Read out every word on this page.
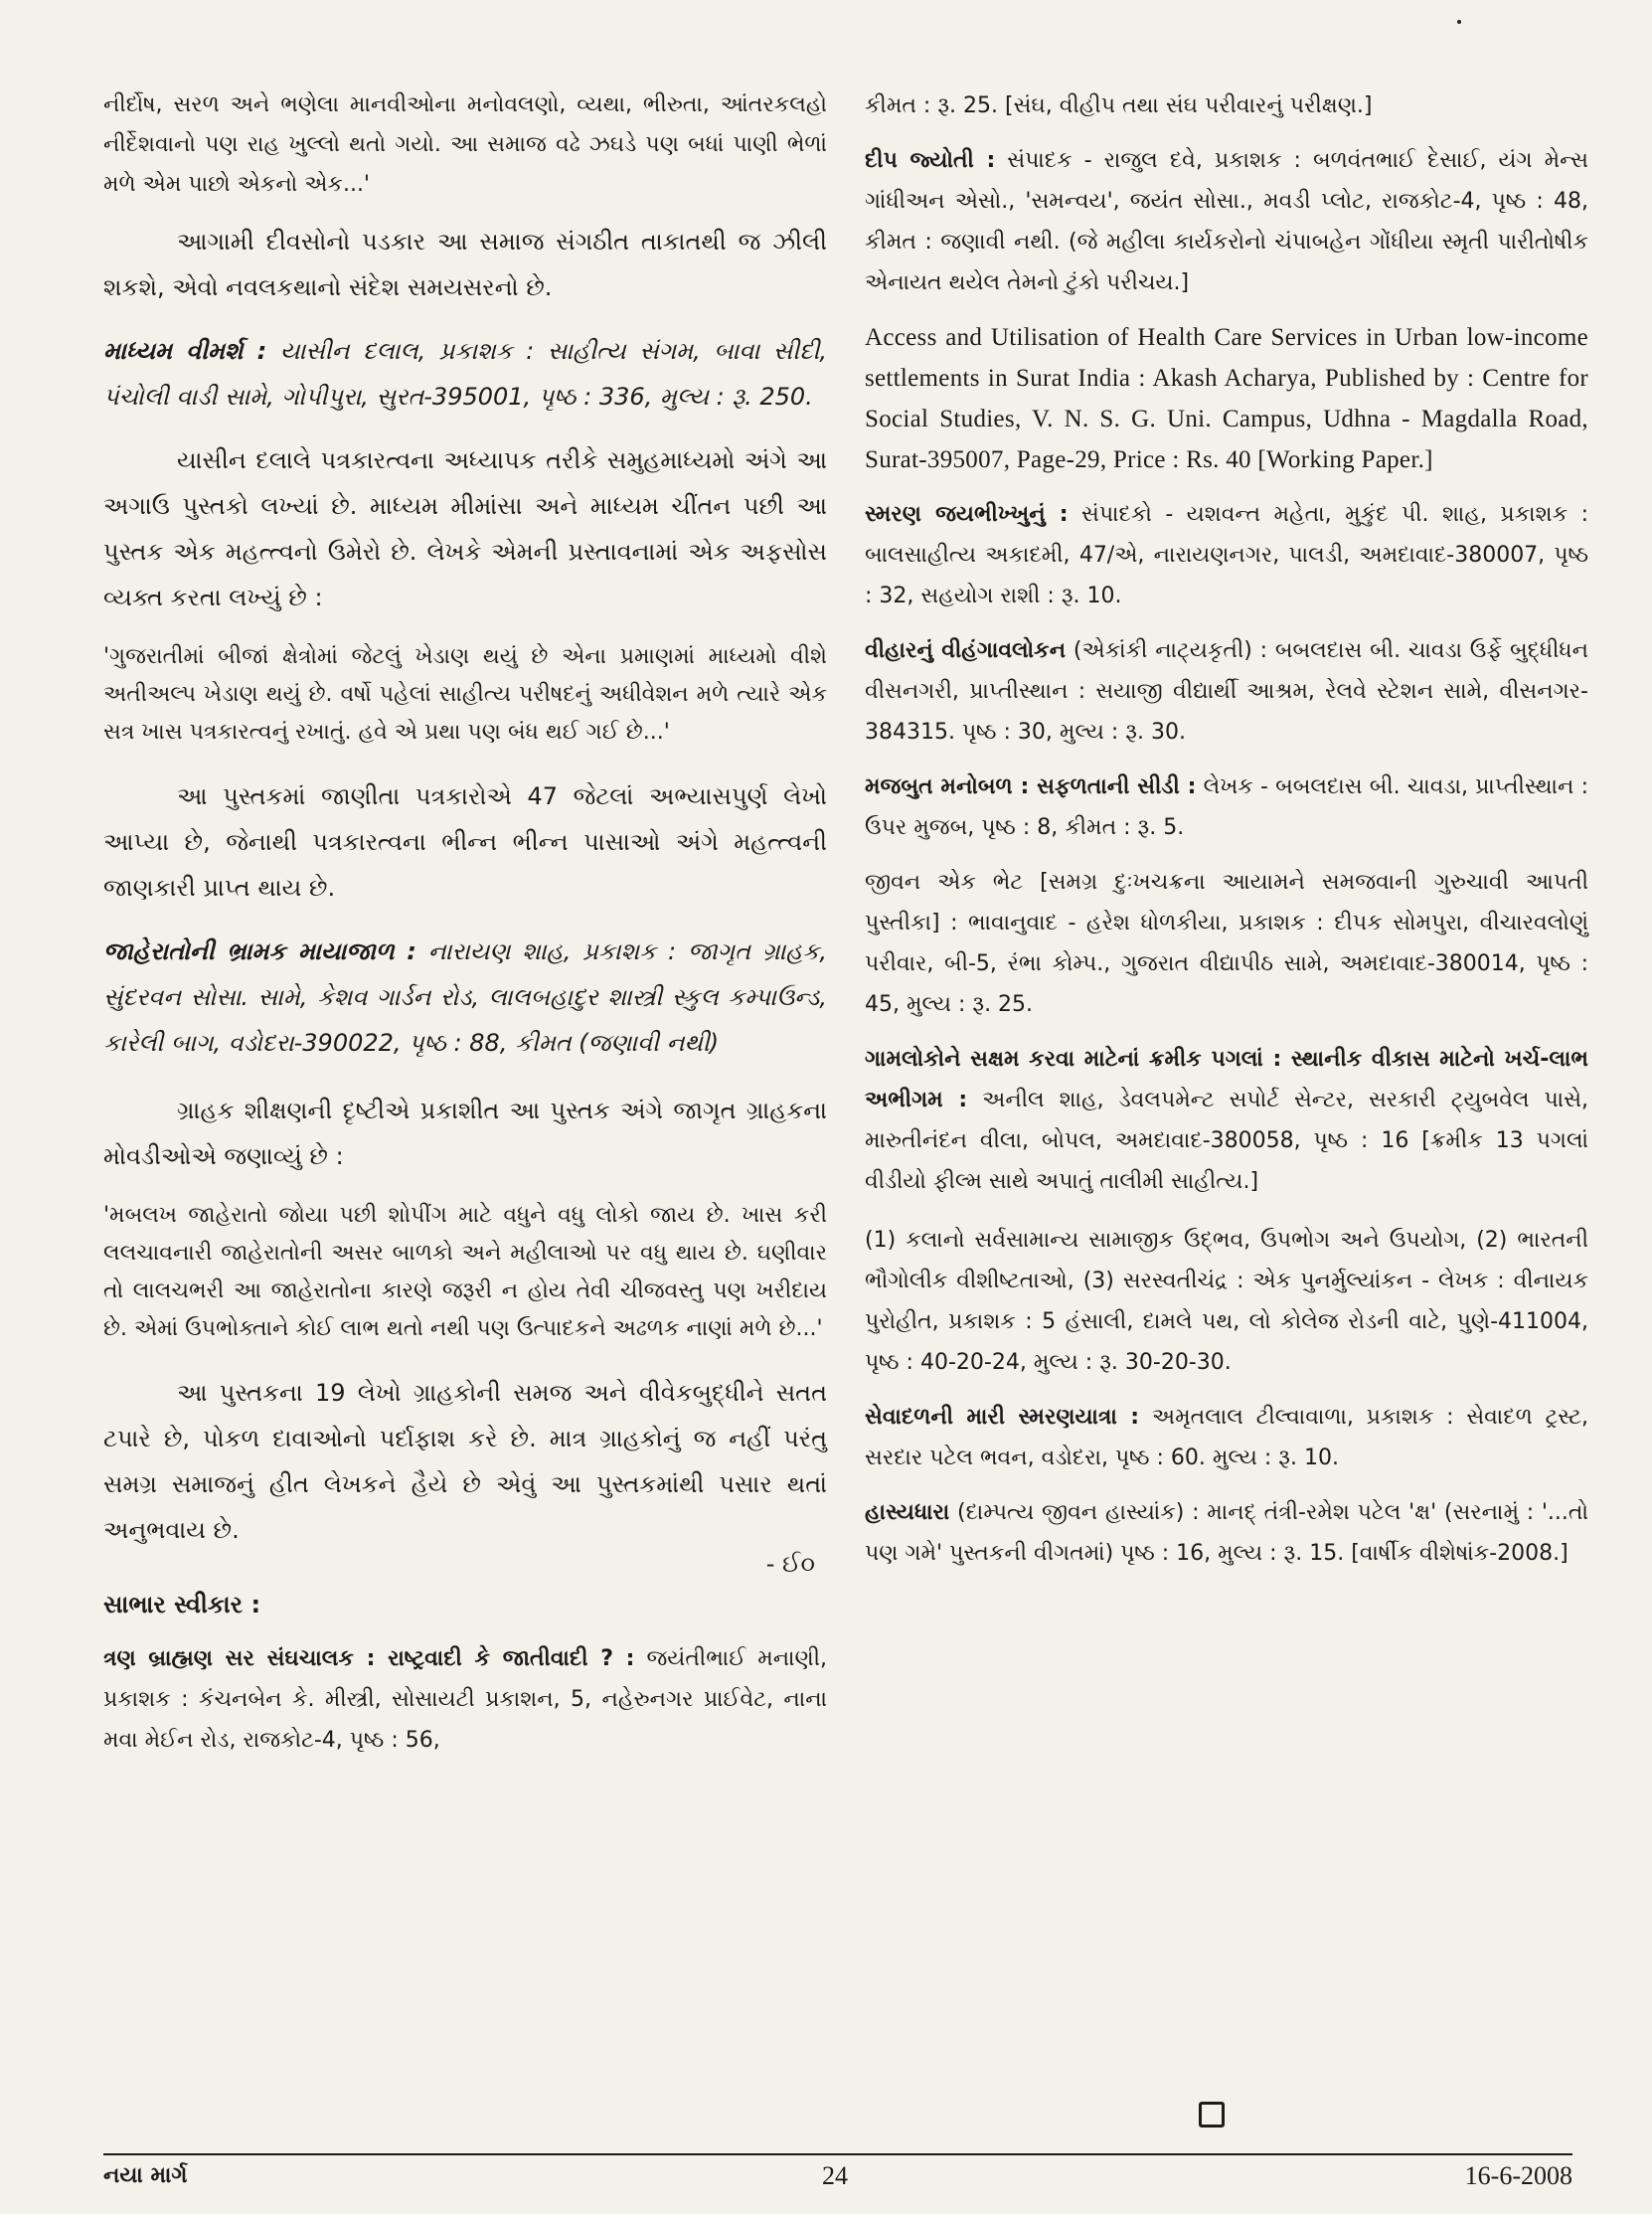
નીર્દોષ, સરળ અને ભણેલા માનવીઓના મનોવલણો, વ્યથા, ભીરુતા, આંતરકલહો નીર્દેશવાનો પણ રાહ ખુલ્લો થતો ગયો. આ સમાજ વઢે ઝઘડે પણ બધાં પાણી ભેળાં મળે એમ પાછો એકનો એક...'

આગામી દીવસોનો પડકાર આ સમાજ સંગઠીત તાકાતથી જ ઝીલી શકશે, એવો નવલકથાનો સંદેશ સમયસરનો છે.

માધ્યમ વીમર્શ : યાસીન દલાલ, પ્રકાશક : સાહીત્ય સંગમ, બાવા સીદી, પંચોલી વાડી સામે, ગોપીપુરા, સુરત-395001, પૃષ્ઠ : 336, મુલ્ય : રૂ. 250.

યાસીન દલાલે પત્રકારત્વના અધ્યાપક તરીકે સમુહમાધ્યમો અંગે આ અગાઉ પુસ્તકો લખ્યાં છે. માધ્યમ મીમાંસા અને માધ્યમ ચીંતન પછી આ પુસ્તક એક મહત્ત્વનો ઉમેરો છે. લેખકે એમની પ્રસ્તાવનામાં એક અફસોસ વ્યક્ત કરતા લખ્યું છે :

'ગુજરાતીમાં બીજાં ક્ષેત્રોમાં જેટલું ખેડાણ થયું છે એના પ્રમાણમાં માધ્યમો વીશે અતીઅલ્પ ખેડાણ થયું છે. વર્ષો પહેલાં સાહીત્ય પરીષદનું અધીવેશન મળે ત્યારે એક સત્ર ખાસ પત્રકારત્વનું રખાતું. હવે એ પ્રથા પણ બંધ થઈ ગઈ છે...'

આ પુસ્તકમાં જાણીતા પત્રકારોએ 47 જેટલાં અભ્યાસપુર્ણ લેખો આપ્યા છે, જેનાથી પત્રકારત્વના ભીન્ન ભીન્ન પાસાઓ અંગે મહત્ત્વની જાણકારી પ્રાપ્ત થાય છે.

જાહેરાતોની ભ્રામક માયાજાળ : નારાયણ શાહ, પ્રકાશક : જાગૃત ગ્રાહક, સુંદરવન સોસા. સામે, કેશવ ગાર્ડન રોડ, લાલબહાદુર શાસ્ત્રી સ્કુલ કમ્પાઉન્ડ, કારેલી બાગ, વડોદરા-390022, પૃષ્ઠ : 88, કીમત (જણાવી નથી)

ગ્રાહક શીક્ષણની દૃષ્ટીએ પ્રકાશીત આ પુસ્તક અંગે જાગૃત ગ્રાહકના મોવડીઓએ જણાવ્યું છે :

'મબલખ જાહેરાતો જોયા પછી શોપીંગ માટે વધુને વધુ લોકો જાય છે. ખાસ કરી લલચાવનારી જાહેરાતોની અસર બાળકો અને મહીલાઓ પર વધુ થાય છે. ઘણીવાર તો લાલચભરી આ જાહેરાતોના કારણે જરૂરી ન હોય તેવી ચીજવસ્તુ પણ ખરીદાય છે. એમાં ઉપભોક્તાને કોઈ લાભ થતો નથી પણ ઉત્પાદકને અઢળક નાણાં મળે છે...'

આ પુસ્તકના 19 લેખો ગ્રાહકોની સમજ અને વીવેકબુદ્ધીને સતત ટપારે છે, પોકળ દાવાઓનો પર્દાફાશ કરે છે. માત્ર ગ્રાહકોનું જ નહીં પરંતુ સમગ્ર સમાજનું હીત લેખકને હૈયે છે એવું આ પુસ્તકમાંથી પસાર થતાં અનુભવાય છે.

- ઈ૦
સાભાર સ્વીકાર :

ત્રણ બ્રાહ્મણ સર સંઘચાલક : રાષ્ટ્રવાદી કે જાતીવાદી ? : જયંતીભાઈ મનાણી, પ્રકાશક : કંચનબેન કે. મીસ્ત્રી, સોસાયટી પ્રકાશન, 5, નહેરુનગર પ્રાઈવેટ, નાના મવા મેઈન રોડ, રાજકોટ-4, પૃષ્ઠ : 56,

કીમત : રૂ. 25. [સંઘ, વીહીપ તથા સંઘ પરીવારનું પરીક્ષણ.]

દીપ જ્યોતી : સંપાદક - રાજુલ દવે, પ્રકાશક : બળવંતભાઈ દેસાઈ, યંગ મેન્સ ગાંધીઅન એસો., 'સમન્વય', જયંત સોસા., મવડી પ્લોટ, રાજકોટ-4, પૃષ્ઠ : 48, કીમત : જણાવી નથી. (જે મહીલા કાર્યકરોનો ચંપાબહેન ગોંધીયા સ્મૃતી પારીતોષીક એનાયત થયેલ તેમનો ટુંકો પરીચય.]

Access and Utilisation of Health Care Services in Urban low-income settlements in Surat India : Akash Acharya, Published by : Centre for Social Studies, V. N. S. G. Uni. Campus, Udhna - Magdalla Road, Surat-395007, Page-29, Price : Rs. 40 [Working Paper.]

સ્મરણ જયભીખ્ખુનું : સંપાદકો - યશવન્ત મહેતા, મુકુંદ પી. શાહ, પ્રકાશક : બાલસાહીત્ય અકાદમી, 47/એ, નારાયણનગર, પાલડી, અમદાવાદ-380007, પૃષ્ઠ : 32, સહયોગ રાશી : રૂ. 10.

વીહારનું વીહંગાવલોકન (એકાંકી નાટ્યકૃતી) : બબલદાસ બી. ચાવડા ઉર્ફે બુદ્ધીધન વીસનગરી, પ્રાપ્તીસ્થાન : સયાજી વીદ્યાર્થી આશ્રમ, રેલવે સ્ટેશન સામે, વીસનગર- 384315. પૃષ્ઠ : 30, મુલ્ય : રૂ. 30.

મજબુત મનોબળ : સફળતાની સીડી : લેખક - બબલદાસ બી. ચાવડા, પ્રાપ્તીસ્થાન : ઉપર મુજબ, પૃષ્ઠ : 8, કીમત : રૂ. 5.

જીવન એક ભેટ [સમગ્ર દુઃખચક્રના આયામને સમજવાની ગુરુચાવી આપતી પુસ્તીકા] : ભાવાનુવાદ - હરેશ ધોળકીયા, પ્રકાશક : દીપક સોમપુરા, વીચારવલોણું પરીવાર, બી-5, રંભા કોમ્પ., ગુજરાત વીદ્યાપીઠ સામે, અમદાવાદ-380014, પૃષ્ઠ : 45, મુલ્ય : રૂ. 25.

ગામલોકોને સક્ષમ કરવા માટેનાં ક્રમીક પગલાં : સ્થાનીક વીકાસ માટેનો ખર્ચ-લાભ અભીગમ : અનીલ શાહ, ડેવલપમેન્ટ સપોર્ટ સેન્ટર, સરકારી ટ્યુબવેલ પાસે, મારુતીનંદન વીલા, બોપલ, અમદાવાદ-380058, પૃષ્ઠ : 16 [ક્રમીક 13 પગલાં વીડીયો ફીલ્મ સાથે અપાતું તાલીમી સાહીત્ય.]

(1) કલાનો સર્વસામાન્ય સામાજીક ઉદ્ભવ, ઉપભોગ અને ઉપયોગ, (2) ભારતની ભૌગોલીક વીશીષ્ટતાઓ, (3) સરસ્વતીચંદ્ર : એક પુનર્મુલ્યાંકન - લેખક : વીનાયક પુરોહીત, પ્રકાશક : 5 હંસાલી, દામલે પથ, લો કોલેજ રોડની વાટે, પુણે-411004, પૃષ્ઠ : 40-20-24, મુલ્ય : રૂ. 30-20-30.

સેવાદળની મારી સ્મરણયાત્રા : અમૃતલાલ ટીલ્વાવાળા, પ્રકાશક : સેવાદળ ટ્રસ્ટ, સરદાર પટેલ ભવન, વડોદરા, પૃષ્ઠ : 60. મુલ્ય : રૂ. 10.

હાસ્યધારા (દામ્પત્ય જીવન હાસ્યાંક) : માનદ્ તંત્રી-રમેશ પટેલ 'ક્ષ' (સરનામું : '...તો પણ ગમે' પુસ્તકની વીગતમાં) પૃષ્ઠ : 16, મુલ્ય : રૂ. 15. [વાર્ષીક વીશેષાંક-2008.]

નયા માર્ગ	24	16-6-2008
